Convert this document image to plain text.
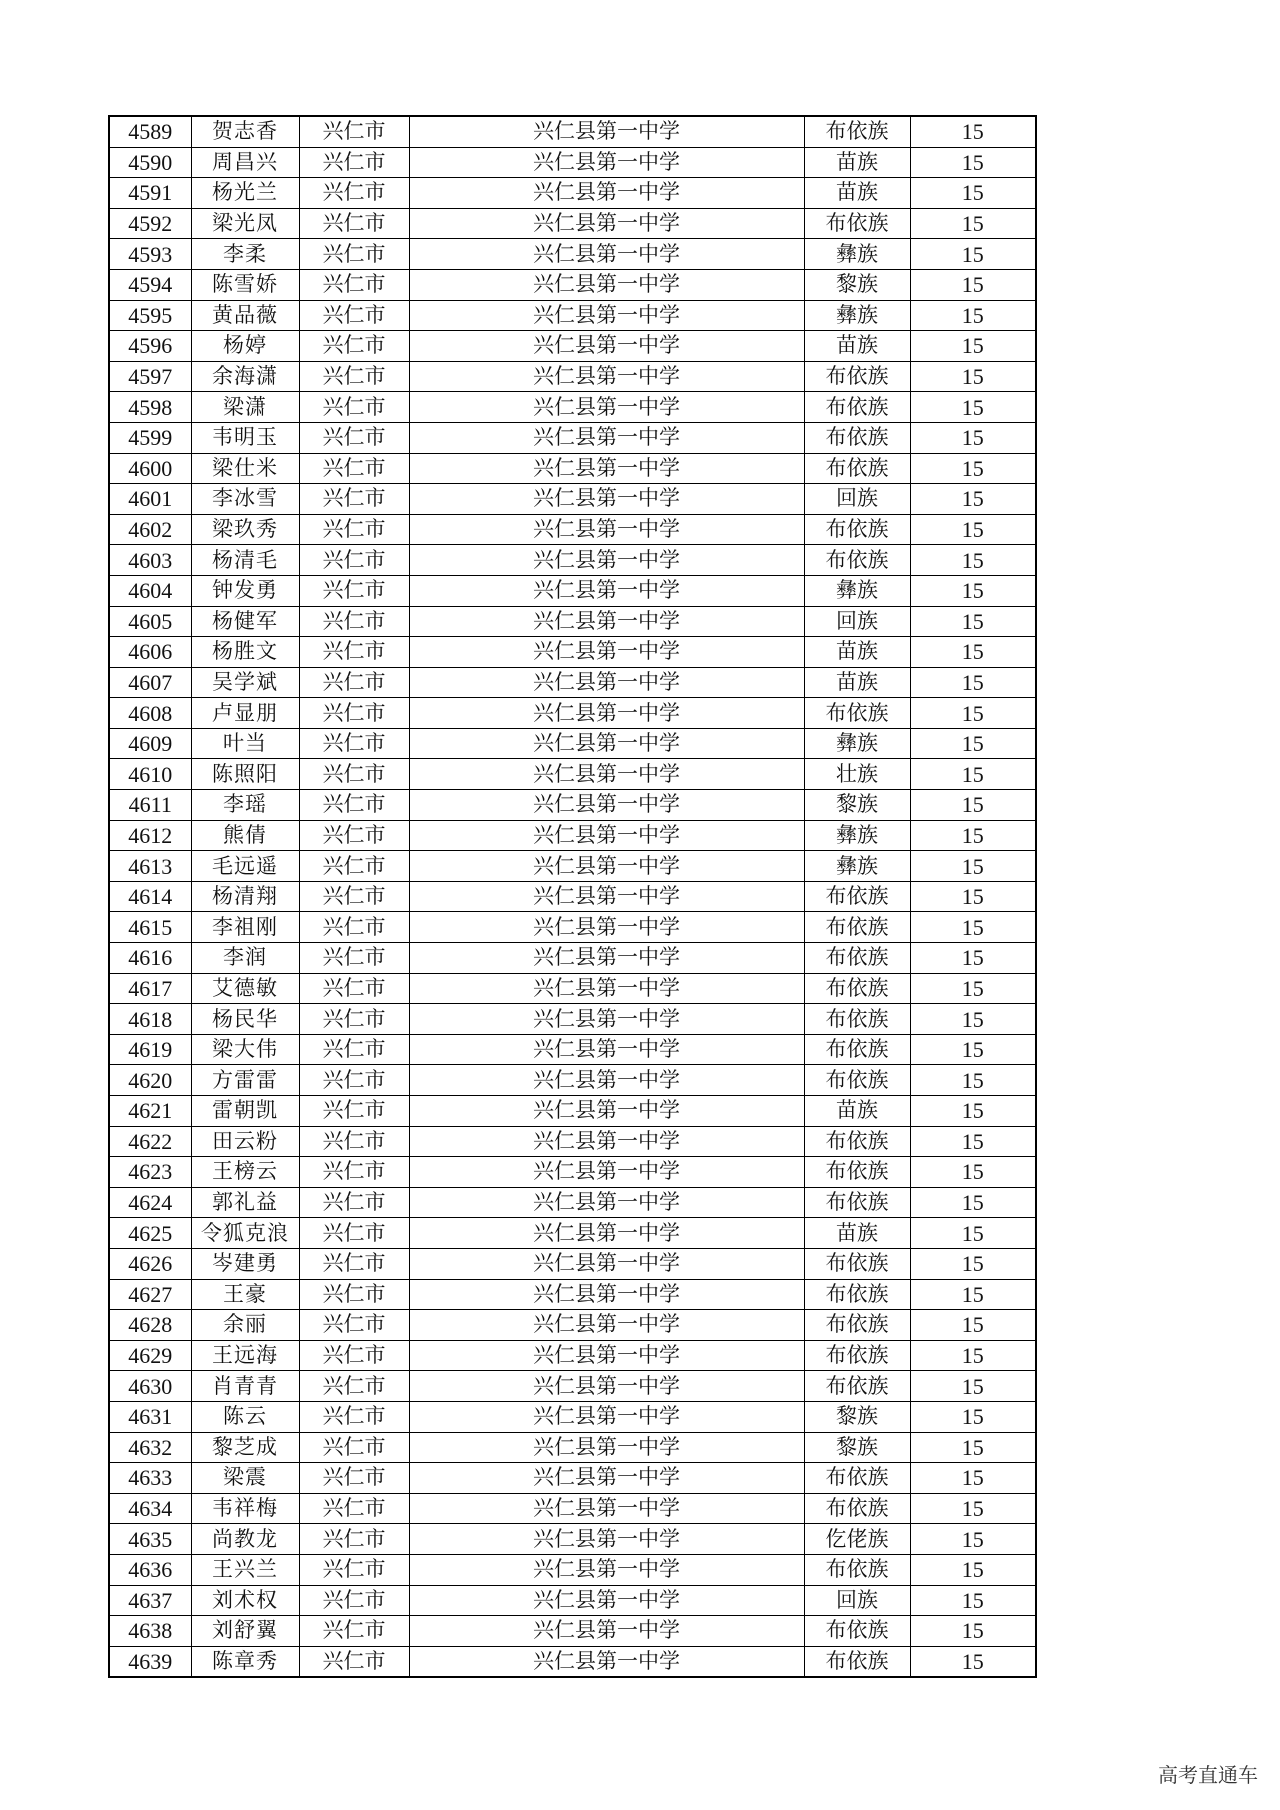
4589	贺志香	兴仁市	兴仁县第一中学	布依族	15
4590	周昌兴	兴仁市	兴仁县第一中学	苗族	15
4591	杨光兰	兴仁市	兴仁县第一中学	苗族	15
4592	梁光凤	兴仁市	兴仁县第一中学	布依族	15
4593	李柔	兴仁市	兴仁县第一中学	彝族	15
4594	陈雪娇	兴仁市	兴仁县第一中学	黎族	15
4595	黄品薇	兴仁市	兴仁县第一中学	彝族	15
4596	杨婷	兴仁市	兴仁县第一中学	苗族	15
4597	余海潇	兴仁市	兴仁县第一中学	布依族	15
4598	梁潇	兴仁市	兴仁县第一中学	布依族	15
4599	韦明玉	兴仁市	兴仁县第一中学	布依族	15
4600	梁仕米	兴仁市	兴仁县第一中学	布依族	15
4601	李冰雪	兴仁市	兴仁县第一中学	回族	15
4602	梁玖秀	兴仁市	兴仁县第一中学	布依族	15
4603	杨清毛	兴仁市	兴仁县第一中学	布依族	15
4604	钟发勇	兴仁市	兴仁县第一中学	彝族	15
4605	杨健军	兴仁市	兴仁县第一中学	回族	15
4606	杨胜文	兴仁市	兴仁县第一中学	苗族	15
4607	吴学斌	兴仁市	兴仁县第一中学	苗族	15
4608	卢显朋	兴仁市	兴仁县第一中学	布依族	15
4609	叶当	兴仁市	兴仁县第一中学	彝族	15
4610	陈照阳	兴仁市	兴仁县第一中学	壮族	15
4611	李瑶	兴仁市	兴仁县第一中学	黎族	15
4612	熊倩	兴仁市	兴仁县第一中学	彝族	15
4613	毛远遥	兴仁市	兴仁县第一中学	彝族	15
4614	杨清翔	兴仁市	兴仁县第一中学	布依族	15
4615	李祖刚	兴仁市	兴仁县第一中学	布依族	15
4616	李润	兴仁市	兴仁县第一中学	布依族	15
4617	艾德敏	兴仁市	兴仁县第一中学	布依族	15
4618	杨民华	兴仁市	兴仁县第一中学	布依族	15
4619	梁大伟	兴仁市	兴仁县第一中学	布依族	15
4620	方雷雷	兴仁市	兴仁县第一中学	布依族	15
4621	雷朝凯	兴仁市	兴仁县第一中学	苗族	15
4622	田云粉	兴仁市	兴仁县第一中学	布依族	15
4623	王榜云	兴仁市	兴仁县第一中学	布依族	15
4624	郭礼益	兴仁市	兴仁县第一中学	布依族	15
4625	令狐克浪	兴仁市	兴仁县第一中学	苗族	15
4626	岑建勇	兴仁市	兴仁县第一中学	布依族	15
4627	王豪	兴仁市	兴仁县第一中学	布依族	15
4628	余丽	兴仁市	兴仁县第一中学	布依族	15
4629	王远海	兴仁市	兴仁县第一中学	布依族	15
4630	肖青青	兴仁市	兴仁县第一中学	布依族	15
4631	陈云	兴仁市	兴仁县第一中学	黎族	15
4632	黎芝成	兴仁市	兴仁县第一中学	黎族	15
4633	梁震	兴仁市	兴仁县第一中学	布依族	15
4634	韦祥梅	兴仁市	兴仁县第一中学	布依族	15
4635	尚教龙	兴仁市	兴仁县第一中学	仡佬族	15
4636	王兴兰	兴仁市	兴仁县第一中学	布依族	15
4637	刘术权	兴仁市	兴仁县第一中学	回族	15
4638	刘舒翼	兴仁市	兴仁县第一中学	布依族	15
4639	陈章秀	兴仁市	兴仁县第一中学	布依族	15
高考直通车
